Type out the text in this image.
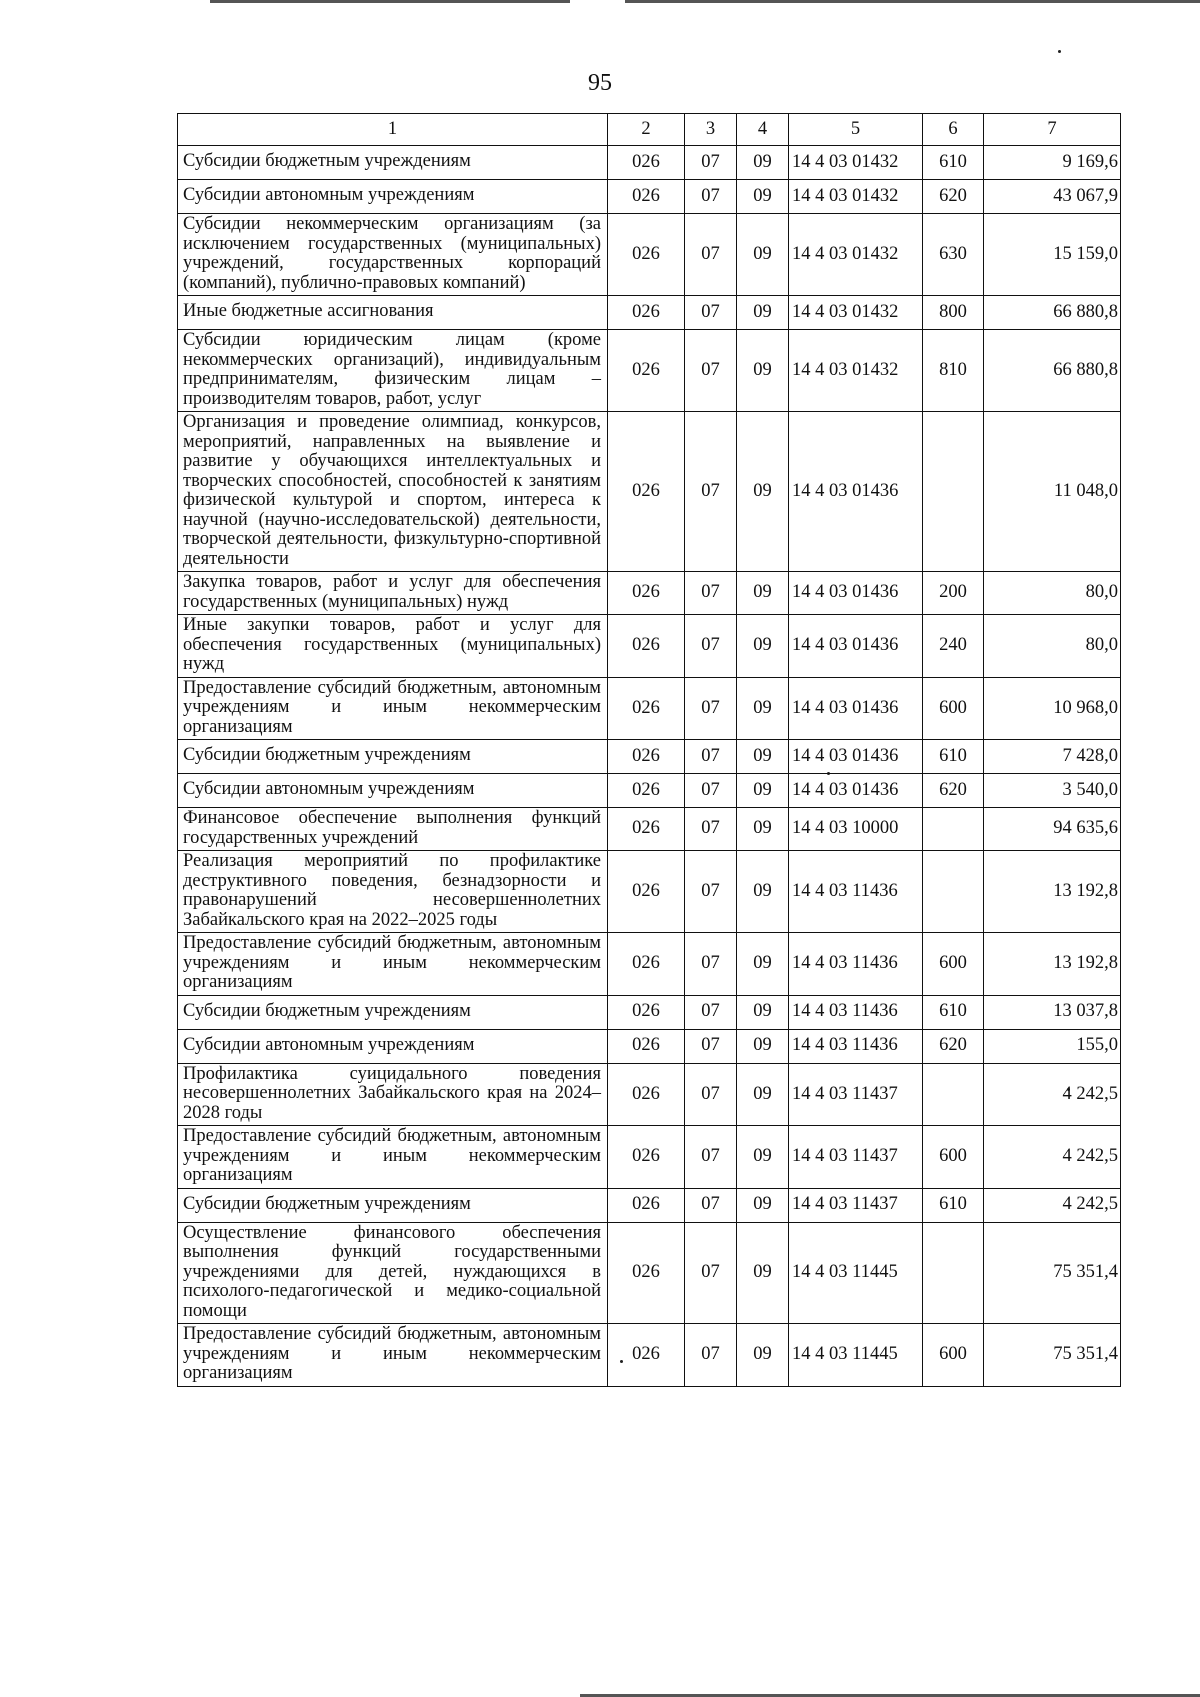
95
1	2	3	4	5	6	7
Субсидии бюджетным учреждениям	026	07	09	14 4 03 01432	610	9 169,6
Субсидии автономным учреждениям	026	07	09	14 4 03 01432	620	43 067,9
Субсидии некоммерческим организациям (за исключением государственных (муниципальных) учреждений, государственных корпораций (компаний), публично-правовых компаний)	026	07	09	14 4 03 01432	630	15 159,0
Иные бюджетные ассигнования	026	07	09	14 4 03 01432	800	66 880,8
Субсидии юридическим лицам (кроме некоммерческих организаций), индивидуальным предпринимателям, физическим лицам – производителям товаров, работ, услуг	026	07	09	14 4 03 01432	810	66 880,8
Организация и проведение олимпиад, конкурсов, мероприятий, направленных на выявление и развитие у обучающихся интеллектуальных и творческих способностей, способностей к занятиям физической культурой и спортом, интереса к научной (научно-исследовательской) деятельности, творческой деятельности, физкультурно-спортивной деятельности	026	07	09	14 4 03 01436		11 048,0
Закупка товаров, работ и услуг для обеспечения государственных (муниципальных) нужд	026	07	09	14 4 03 01436	200	80,0
Иные закупки товаров, работ и услуг для обеспечения государственных (муниципальных) нужд	026	07	09	14 4 03 01436	240	80,0
Предоставление субсидий бюджетным, автономным учреждениям и иным некоммерческим организациям	026	07	09	14 4 03 01436	600	10 968,0
Субсидии бюджетным учреждениям	026	07	09	14 4 03 01436	610	7 428,0
Субсидии автономным учреждениям	026	07	09	14 4 03 01436	620	3 540,0
Финансовое обеспечение выполнения функций государственных учреждений	026	07	09	14 4 03 10000		94 635,6
Реализация мероприятий по профилактике деструктивного поведения, безнадзорности и правонарушений несовершеннолетних Забайкальского края на 2022–2025 годы	026	07	09	14 4 03 11436		13 192,8
Предоставление субсидий бюджетным, автономным учреждениям и иным некоммерческим организациям	026	07	09	14 4 03 11436	600	13 192,8
Субсидии бюджетным учреждениям	026	07	09	14 4 03 11436	610	13 037,8
Субсидии автономным учреждениям	026	07	09	14 4 03 11436	620	155,0
Профилактика суицидального поведения несовершеннолетних Забайкальского края на 2024–2028 годы	026	07	09	14 4 03 11437		4 242,5
Предоставление субсидий бюджетным, автономным учреждениям и иным некоммерческим организациям	026	07	09	14 4 03 11437	600	4 242,5
Субсидии бюджетным учреждениям	026	07	09	14 4 03 11437	610	4 242,5
Осуществление финансового обеспечения выполнения функций государственными учреждениями для детей, нуждающихся в психолого-педагогической и медико-социальной помощи	026	07	09	14 4 03 11445		75 351,4
Предоставление субсидий бюджетным, автономным учреждениям и иным некоммерческим организациям	026	07	09	14 4 03 11445	600	75 351,4
